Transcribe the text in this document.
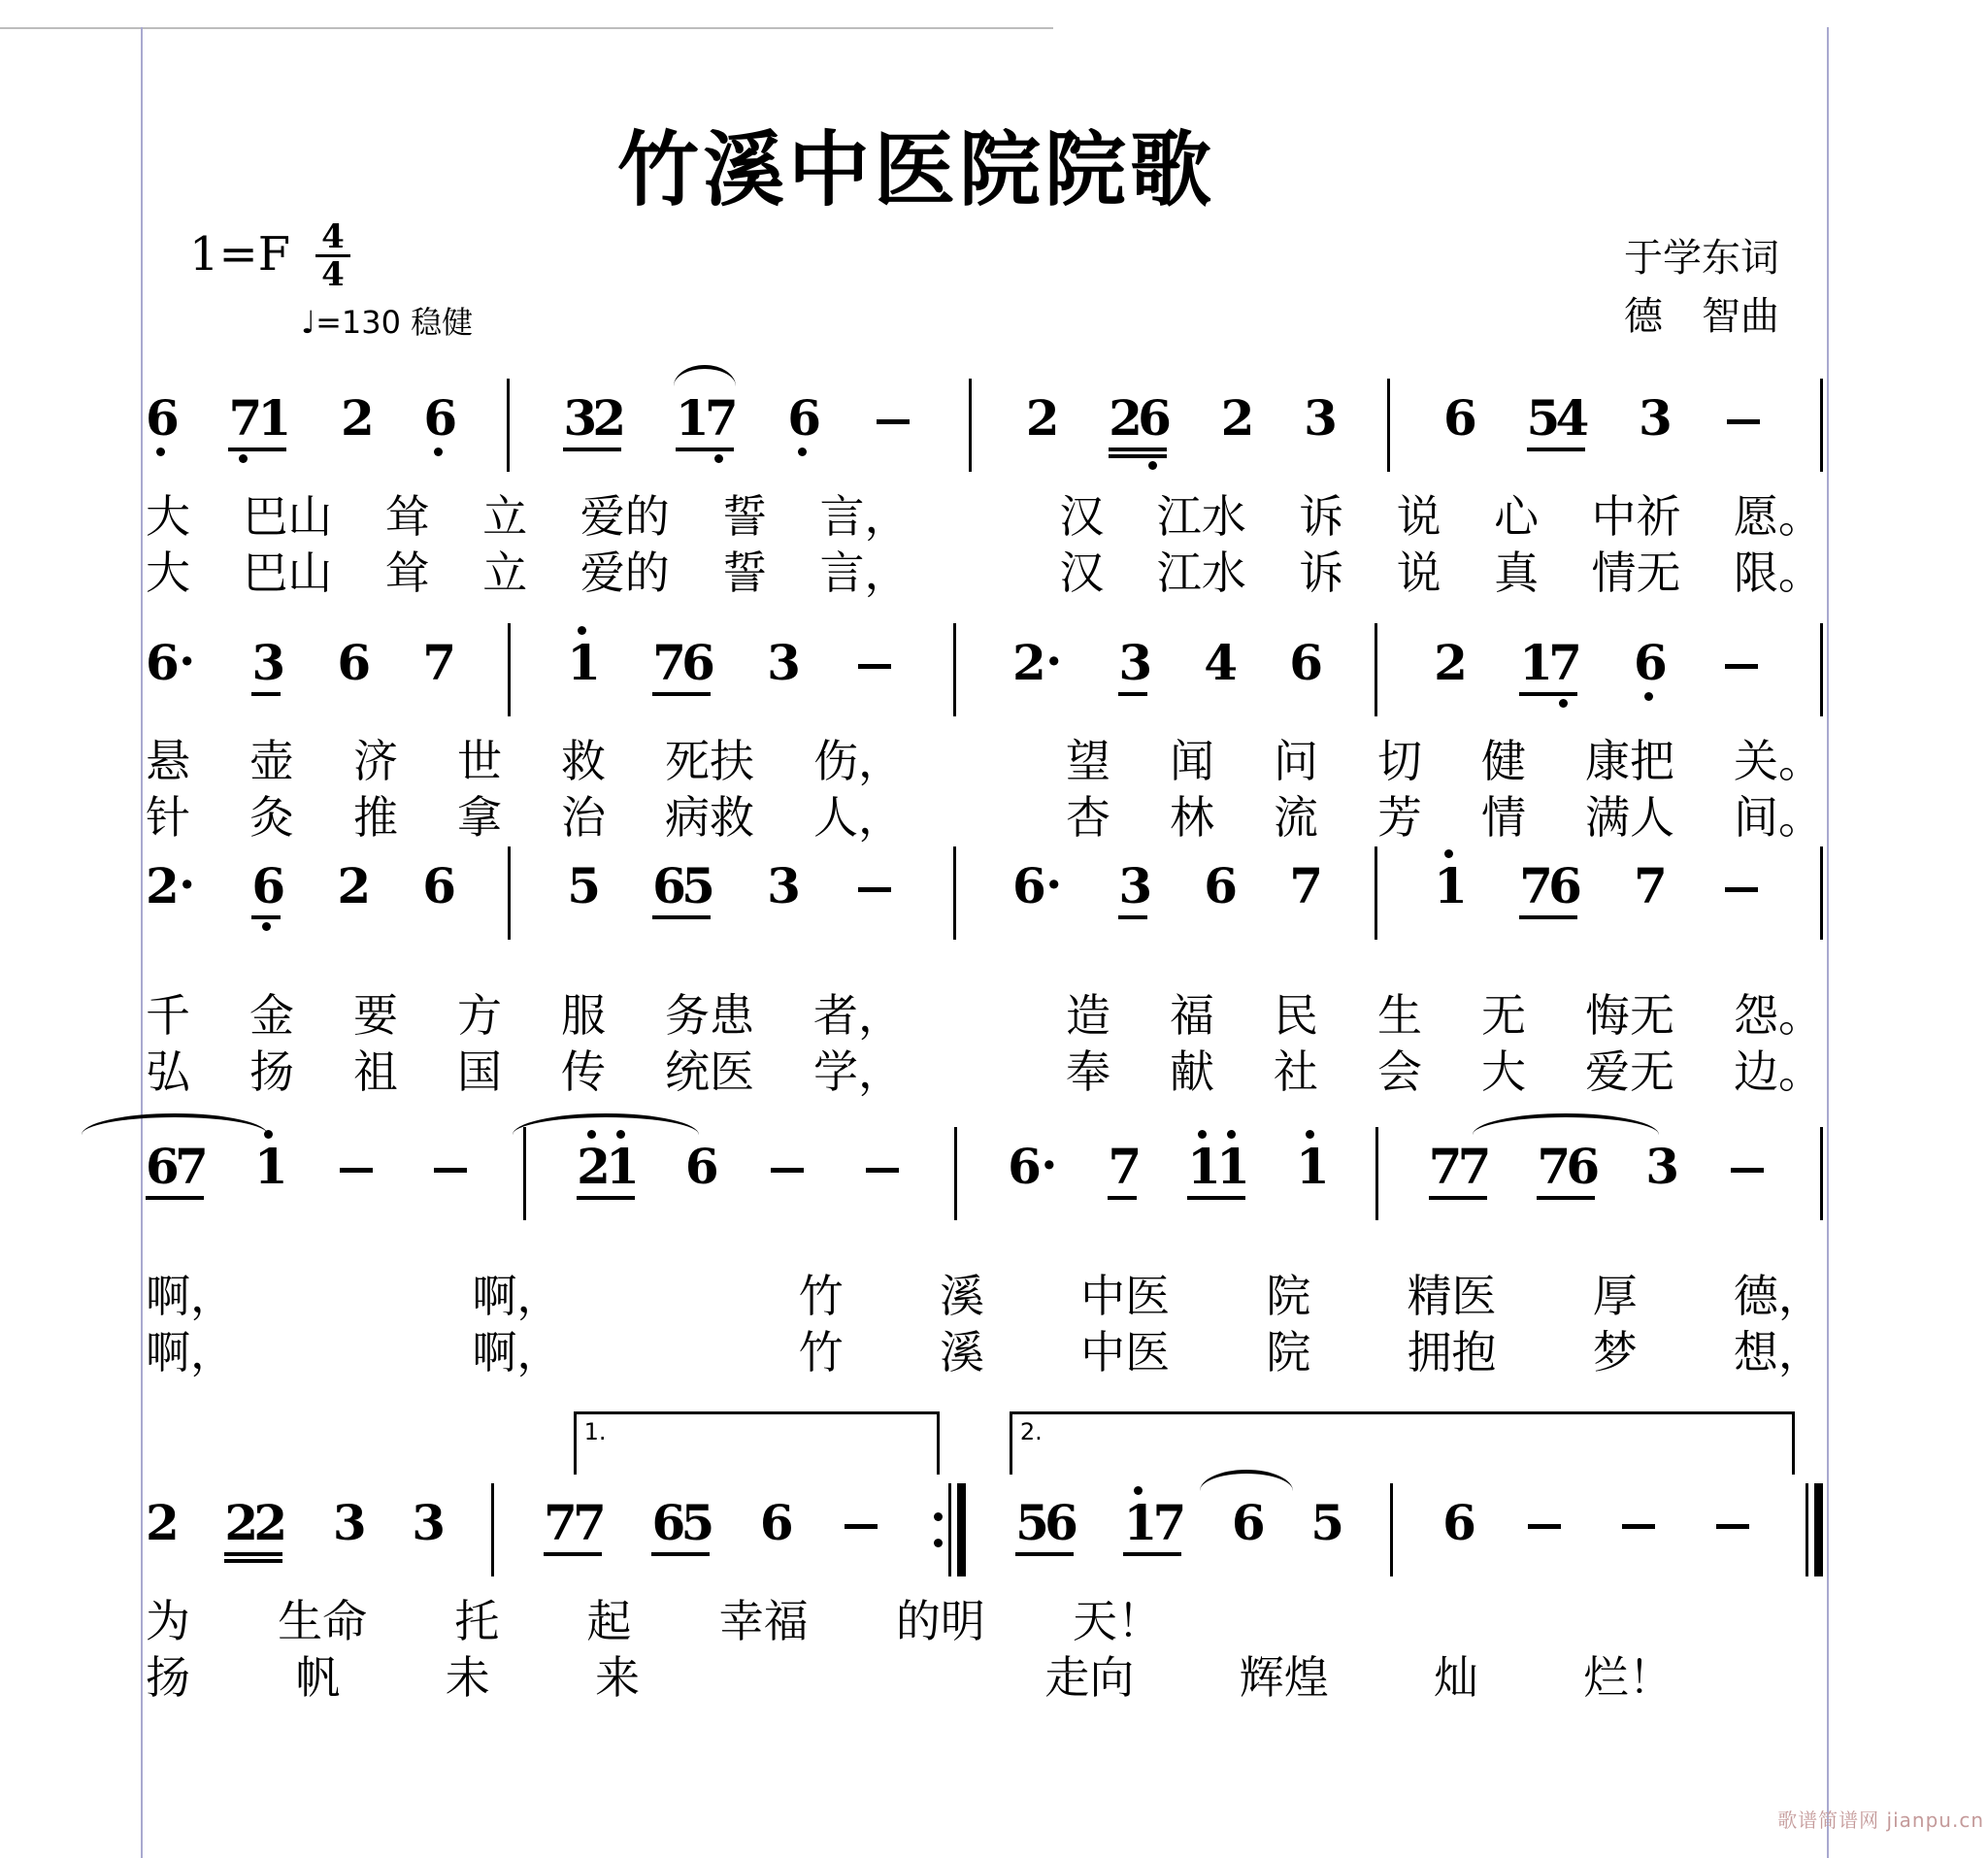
竹溪中医院院歌
$1=F \frac{4}{4}$
♩=130 稳健
于学东词
德　智曲
6 7
1 2 6 3
2 1
7 6	2 2
6 2 3 6 5
4 3
大 巴山 耸 立 爱的 誓 言，	汉 江水 诉 说 心 中祈 愿。
大 巴山 耸 立 爱的 誓 言，	汉 江水 诉 说 真 情无 限。
6 · 3 6 7 1 7
6 3	2 · 3 4 6 2 1
7 6
悬 壶 济 世 救 死扶 伤，	望 闻 问 切 健 康把 关。
针 灸 推 拿 治 病救 人，	杏 林 流 芳 情 满人 间。
2 · 6 2 6 5 6
5 3	6 · 3 6 7 1 7
6 7
千 金 要 方 服 务患 者，	造 福 民 生 无 悔无 怨。
弘 扬 祖 国 传 统医 学，	奉 献 社 会 大 爱无 边。
6
7 1	2
1 6	6 · 7 1
1 1 7
7 7
6 3
啊，	啊，	竹 溪 中医 院 精医 厚 德，
啊，	啊，	竹 溪 中医 院 拥抱 梦 想，
1.	2.
2 2
2 3 3 7
7 6
5 6	5
6 1
7 6 5 6
为 生命 托 起 幸福 的明 天！
扬 帆 未 来	走向 辉煌 灿 烂！
歌谱简谱网 jianpu.cn
